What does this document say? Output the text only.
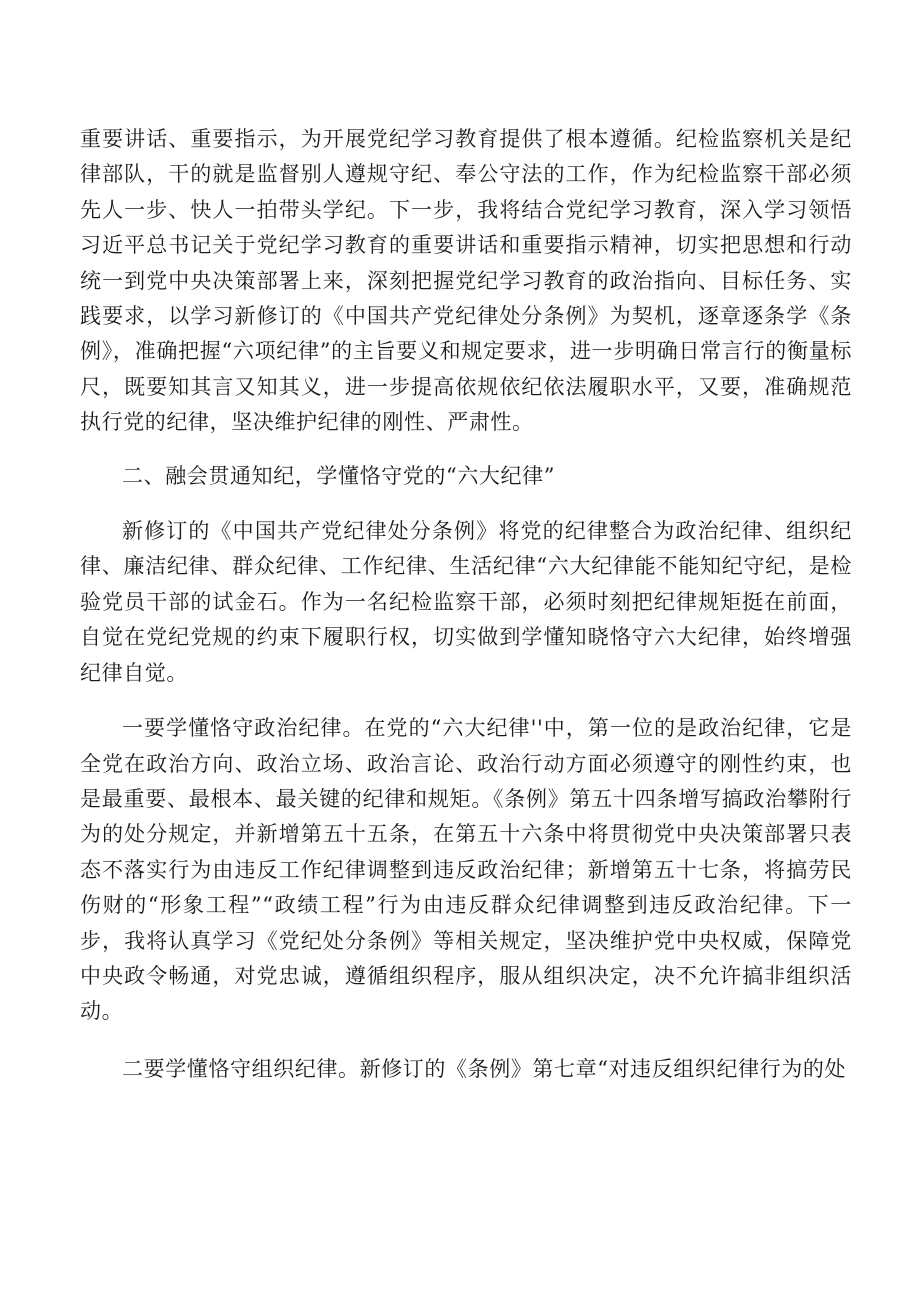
重要讲话、重要指示，为开展党纪学习教育提供了根本遵循。纪检监察机关是纪律部队，干的就是监督别人遵规守纪、奉公守法的工作，作为纪检监察干部必须先人一步、快人一拍带头学纪。下一步，我将结合党纪学习教育，深入学习领悟习近平总书记关于党纪学习教育的重要讲话和重要指示精神，切实把思想和行动统一到党中央决策部署上来，深刻把握党纪学习教育的政治指向、目标任务、实践要求，以学习新修订的《中国共产党纪律处分条例》为契机，逐章逐条学《条例》，准确把握“六项纪律”的主旨要义和规定要求，进一步明确日常言行的衡量标尺，既要知其言又知其义，进一步提高依规依纪依法履职水平，又要，准确规范执行党的纪律，坚决维护纪律的刚性、严肃性。

二、融会贯通知纪，学懂恪守党的“六大纪律”

新修订的《中国共产党纪律处分条例》将党的纪律整合为政治纪律、组织纪律、廉洁纪律、群众纪律、工作纪律、生活纪律“六大纪律能不能知纪守纪，是检验党员干部的试金石。作为一名纪检监察干部，必须时刻把纪律规矩挺在前面，自觉在党纪党规的约束下履职行权，切实做到学懂知晓恪守六大纪律，始终增强纪律自觉。

一要学懂恪守政治纪律。在党的“六大纪律''中，第一位的是政治纪律，它是全党在政治方向、政治立场、政治言论、政治行动方面必须遵守的刚性约束，也是最重要、最根本、最关键的纪律和规矩。《条例》第五十四条增写搞政治攀附行为的处分规定，并新增第五十五条，在第五十六条中将贯彻党中央决策部署只表态不落实行为由违反工作纪律调整到违反政治纪律；新增第五十七条，将搞劳民伤财的“形象工程”“政绩工程”行为由违反群众纪律调整到违反政治纪律。下一步，我将认真学习《党纪处分条例》等相关规定，坚决维护党中央权威，保障党中央政令畅通，对党忠诚，遵循组织程序，服从组织决定，决不允许搞非组织活动。

二要学懂恪守组织纪律。新修订的《条例》第七章“对违反组织纪律行为的处
